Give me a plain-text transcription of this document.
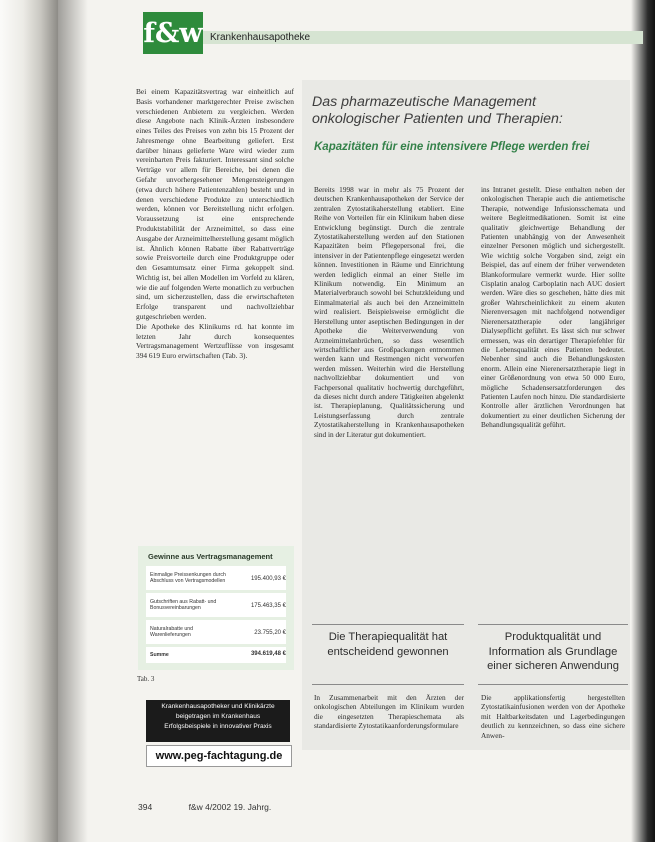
f&w Krankenhausapotheke

Bei einem Kapazitätsvertrag war einheitlich auf Basis vorhandener marktgerechter Preise zwischen verschiedenen Anbietern zu vergleichen. Werden diese Angebote nach Klinik-Ärzten insbesondere eines Teiles des Preises von zehn bis 15 Prozent der Jahresmenge ohne Bearbeitung geliefert. Erst darüber hinaus gelieferte Ware wird wieder zum vereinbarten Preis fakturiert. Interessant sind solche Verträge vor allem für Bereiche, bei denen die Gefahr unvorhergesehener Mengensteigerungen (etwa durch höhere Patientenzahlen) besteht und in denen verschiedene Produkte zu unterschiedlich werden, können vor Bereitstellung nicht erfolgen. Voraussetzung ist eine entsprechende Produktstabilität der Arzneimittel, so dass eine Ausgabe der Arzneimittelherstellung gesamt möglich ist. Ähnlich können Rabatte über Rabattverträge sowie Preisvorteile durch eine Produktgruppe oder den Gesamtumsatz einer Firma gekoppelt sind. Wichtig ist, bei allen Modellen im Vorfeld zu klären, wie die auf folgenden Werte monatlich zu verbuchen sind, um sicherzustellen, dass die erwirtschafteten Erfolge transparent und nachvollziehbar gutgeschrieben werden.

Die Apotheke des Klinikums rd. hat konnte im letzten Jahr durch konsequentes Vertragsmanagement Wertzuflüsse von insgesamt 394 619 Euro erwirtschaften (Tab. 3).

Gewinne aus Vertragsmanagement
Einmalige Preissenkungen durch Abschluss von Vertragsmodellen	195.400,93 €
Gutschriften aus Rabatt- und Bonusvereinbarungen	175.463,35 €
Naturalrabatte und Warenlieferungen	23.755,20 €
Summe	394.619,48 €
Tab. 3
Krankenhausapotheker und Klinikärzte
beigetragen im Krankenhaus
Erfolgsbeispiele in innovativer Praxis
www.peg-fachtagung.de
Das pharmazeutische Management onkologischer Patienten und Therapien:
Kapazitäten für eine intensivere Pflege werden frei

Bereits 1998 war in mehr als 75 Prozent der deutschen Krankenhausapotheken der Service der zentralen Zytostatikaherstellung etabliert. Eine Reihe von Vorteilen für ein Klinikum haben diese Entwicklung begünstigt. Durch die zentrale Zytostatikaherstellung werden auf den Stationen Kapazitäten beim Pflegepersonal frei, die intensiver in der Patientenpflege eingesetzt werden können. Investitionen in Räume und Einrichtung werden lediglich einmal an einer Stelle im Klinikum notwendig. Ein Minimum an Materialverbrauch sowohl bei Schutzkleidung und Einmalmaterial als auch bei den Arzneimitteln wird realisiert. Beispielsweise ermöglicht die Herstellung unter aseptischen Bedingungen in der Apotheke die Weiterverwendung von Arzneimittelanbrüchen, so dass wesentlich wirtschaftlicher aus Großpackungen entnommen werden kann und Restmengen nicht verworfen werden müssen. Weiterhin wird die Herstellung nachvollziehbar dokumentiert und von Fachpersonal qualitativ hochwertig durchgeführt, da dieses nicht durch andere Tätigkeiten abgelenkt ist. Therapieplanung, Qualitätssicherung und Leistungserfassung durch zentrale Zytostatikaherstellung in Krankenhausapotheken sind in der Literatur gut dokumentiert.

ins Intranet gestellt. Diese enthalten neben der onkologischen Therapie auch die antiemetische Therapie, notwendige Infusionsschemata und weitere Begleitmedikationen. Somit ist eine qualitativ gleichwertige Behandlung der Patienten unabhängig von der Anwesenheit einzelner Personen möglich und sichergestellt. Wie wichtig solche Vorgaben sind, zeigt ein Beispiel, das auf einem der früher verwendeten Blankoformulare vermerkt wurde. Hier sollte Cisplatin analog Carboplatin nach AUC dosiert werden. Wäre dies so geschehen, hätte dies mit großer Wahrscheinlichkeit zu einem akuten Nierenversagen mit nachfolgend notwendiger Nierenersatztherapie oder langjähriger Dialysepflicht geführt. Es lässt sich nur schwer ermessen, was ein derartiger Therapiefehler für die Lebensqualität eines Patienten bedeutet. Nebenher sind auch die Behandlungskosten enorm. Allein eine Nierenersatztherapie liegt in einer Größenordnung von etwa 50 000 Euro, mögliche Schadensersatzforderungen des Patienten Laufen noch hinzu. Die standardisierte Kontrolle aller ärztlichen Verordnungen hat dokumentiert zu einer deutlichen Sicherung der Behandlungsqualität geführt.

Die Therapiequalität hat entscheidend gewonnen
Produktqualität und Information als Grundlage einer sicheren Anwendung

In Zusammenarbeit mit den Ärzten der onkologischen Abteilungen im Klinikum wurden die eingesetzten Therapieschemata als standardisierte Zytostatikaanforderungsformulare

Die applikationsfertig hergestellten Zytostatikainfusionen werden von der Apotheke mit Haltbarkeitsdaten und Lagerbedingungen deutlich zu kennzeichnen, so dass eine sichere Anwen-

394	f&w 4/2002 19. Jahrg.
